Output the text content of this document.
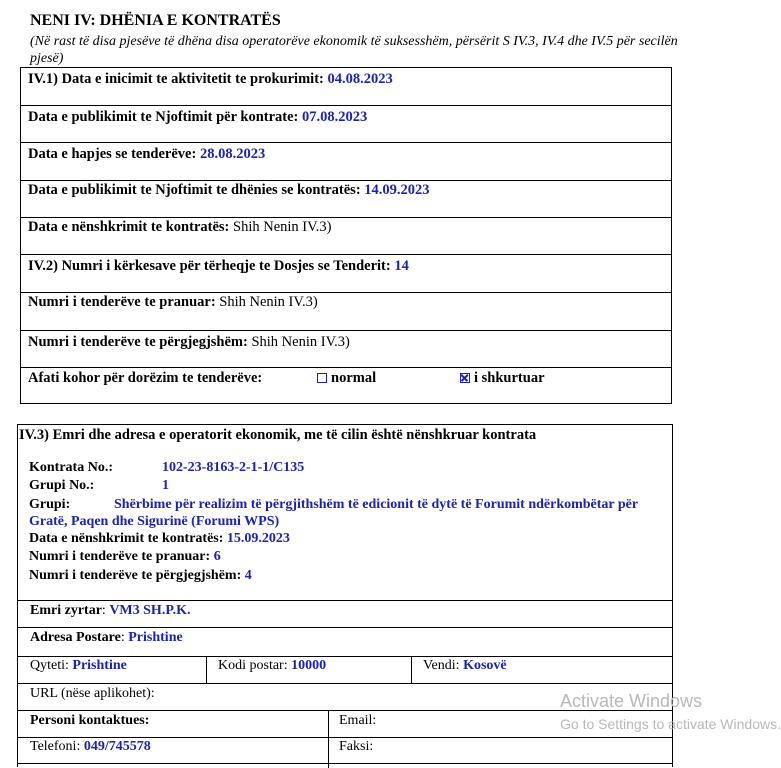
NENI IV: DHËNIA E KONTRATËS
(Në rast të disa pjesëve të dhëna disa operatorëve ekonomik të suksesshëm, përsërit S IV.3, IV.4 dhe IV.5 për secilën pjesë)
IV.1) Data e inicimit te aktivitetit te prokurimit: 04.08.2023
Data e publikimit te Njoftimit për kontrate: 07.08.2023
Data e hapjes se tenderëve: 28.08.2023
Data e publikimit te Njoftimit te dhënies se kontratës: 14.09.2023
Data e nënshkrimit te kontratës: Shih Nenin IV.3)
IV.2) Numri i kërkesave për tërheqje te Dosjes se Tenderit: 14
Numri i tenderëve te pranuar: Shih Nenin IV.3)
Numri i tenderëve te përgjegjshëm: Shih Nenin IV.3)
Afati kohor për dorëzim te tenderëve:	normal	i shkurtuar
IV.3) Emri dhe adresa e operatorit ekonomik, me të cilin është nënshkruar kontrata
Kontrata No.:	102-23-8163-2-1-1/C135
Grupi No.:	1
Grupi:	Shërbime për realizim të përgjithshëm të edicionit të dytë të Forumit ndërkombëtar për
Gratë, Paqen dhe Sigurinë (Forumi WPS)
Data e nënshkrimit te kontratës: 15.09.2023
Numri i tenderëve te pranuar: 6
Numri i tenderëve te përgjegjshëm: 4
Emri zyrtar: VM3 SH.P.K.
Adresa Postare: Prishtine
Qyteti: Prishtine	Kodi postar: 10000	Vendi: Kosovë
URL (nëse aplikohet):
Personi kontaktues:	Email:
Telefoni: 049/745578	Faksi:
Activate Windows
Go to Settings to activate Windows.
